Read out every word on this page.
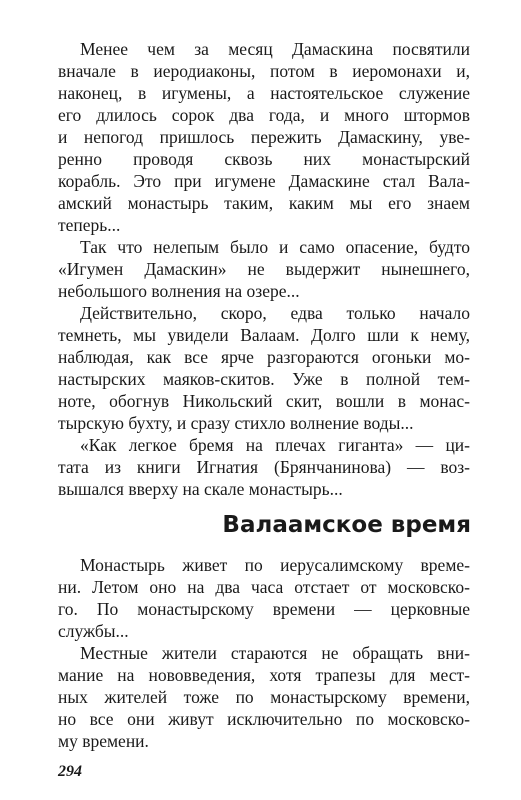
Менее чем за месяц Дамаскина посвятили
вначале в иеродиаконы, потом в иеромонахи и,
наконец, в игумены, а настоятельское служение
его длилось сорок два года, и много штормов
и непогод пришлось пережить Дамаскину, уве-
ренно проводя сквозь них монастырский
корабль. Это при игумене Дамаскине стал Вала-
амский монастырь таким, каким мы его знаем
теперь...
Так что нелепым было и само опасение, будто
«Игумен Дамаскин» не выдержит нынешнего,
небольшого волнения на озере...
Действительно, скоро, едва только начало
темнеть, мы увидели Валаам. Долго шли к нему,
наблюдая, как все ярче разгораются огоньки мо-
настырских маяков-скитов. Уже в полной тем-
ноте, обогнув Никольский скит, вошли в монас-
тырскую бухту, и сразу стихло волнение воды...
«Как легкое бремя на плечах гиганта» — ци-
тата из книги Игнатия (Брянчанинова) — воз-
вышался вверху на скале монастырь...
Валаамское время
Монастырь живет по иерусалимскому време-
ни. Летом оно на два часа отстает от московско-
го. По монастырскому времени — церковные
службы...
Местные жители стараются не обращать вни-
мание на нововведения, хотя трапезы для мест-
ных жителей тоже по монастырскому времени,
но все они живут исключительно по московско-
му времени.
294
